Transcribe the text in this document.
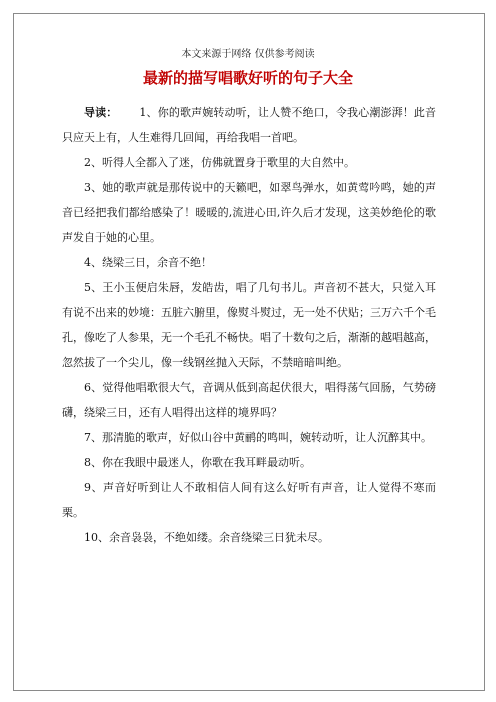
本文来源于网络 仅供参考阅读
最新的描写唱歌好听的句子大全

导读： 1、你的歌声婉转动听，让人赞不绝口，令我心潮澎湃！此音只应天上有，人生难得几回闻，再给我唱一首吧。

2、听得人全都入了迷，仿佛就置身于歌里的大自然中。

3、她的歌声就是那传说中的天籁吧，如翠鸟弹水，如黄莺吟鸣，她的声音已经把我们都给感染了！暖暖的,流进心田,许久后才发现，这美妙绝伦的歌声发自于她的心里。

4、绕梁三日，余音不绝！

5、王小玉便启朱唇，发皓齿，唱了几句书儿。声音初不甚大，只觉入耳有说不出来的妙境：五脏六腑里，像熨斗熨过，无一处不伏贴；三万六千个毛孔，像吃了人参果，无一个毛孔不畅快。唱了十数句之后，渐渐的越唱越高，忽然拔了一个尖儿，像一线钢丝抛入天际，不禁暗暗叫绝。

6、觉得他唱歌很大气，音调从低到高起伏很大，唱得荡气回肠，气势磅礴，绕梁三日，还有人唱得出这样的境界吗？

7、那清脆的歌声，好似山谷中黄鹂的鸣叫，婉转动听，让人沉醉其中。

8、你在我眼中最迷人，你歌在我耳畔最动听。

9、声音好听到让人不敢相信人间有这么好听有声音，让人觉得不寒而栗。

10、余音袅袅，不绝如缕。余音绕梁三日犹未尽。
